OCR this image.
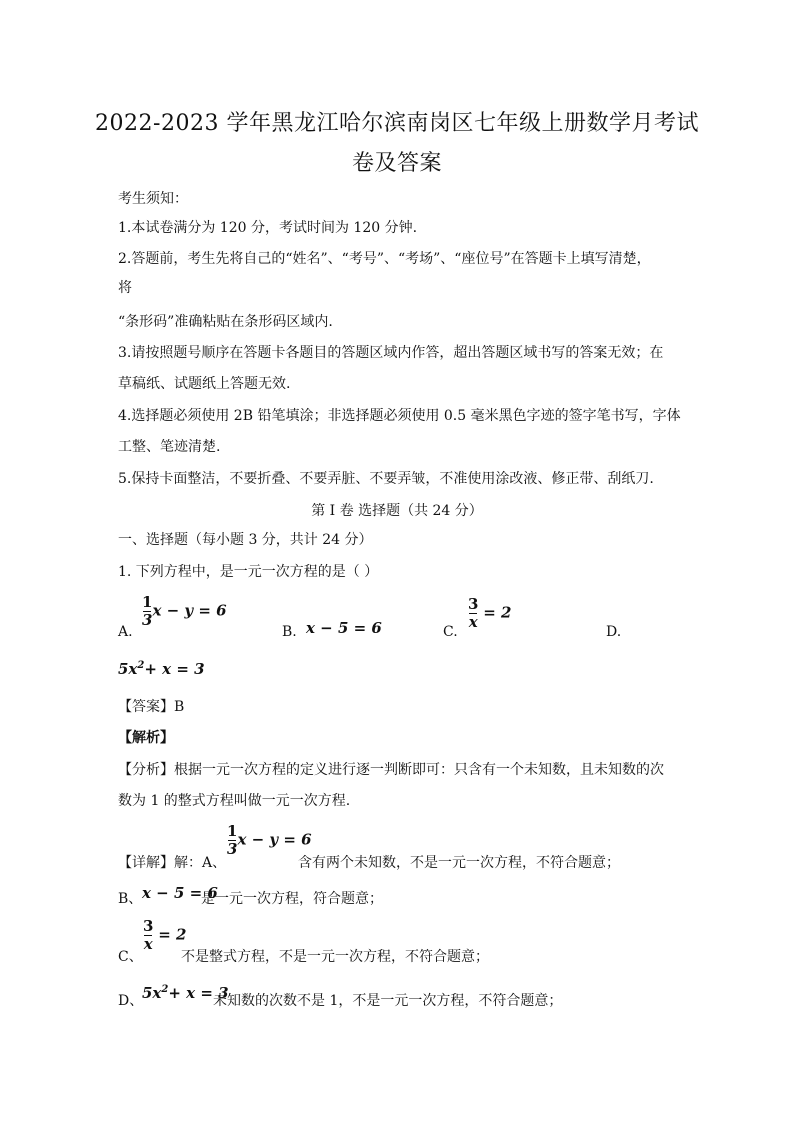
2022-2023 学年黑龙江哈尔滨南岗区七年级上册数学月考试
卷及答案
考生须知：
1.本试卷满分为 120 分，考试时间为 120 分钟.
2.答题前，考生先将自己的“姓名”、“考号”、“考场”、“座位号”在答题卡上填写清楚，
将
“条形码”准确粘贴在条形码区域内.
3.请按照题号顺序在答题卡各题目的答题区域内作答，超出答题区域书写的答案无效；在
草稿纸、试题纸上答题无效.
4.选择题必须使用 2B 铅笔填涂；非选择题必须使用 0.5 毫米黑色字迹的签字笔书写，字体
工整、笔迹清楚.
5.保持卡面整洁，不要折叠、不要弄脏、不要弄皱，不准使用涂改液、修正带、刮纸刀.
第 I 卷 选择题（共 24 分）
一、选择题（每小题 3 分，共计 24 分）
1. 下列方程中，是一元一次方程的是（ ）
A.
$\frac{1}{3}$ x − y = 6
B. x − 5 = 6	C.
$\frac{3}{x} = 2$
D.
$5x^2+ x = 3$
【答案】B
【解析】
【分析】根据一元一次方程的定义进行逐一判断即可：只含有一个未知数，且未知数的次
数为 1 的整式方程叫做一元一次方程.
【详解】解：A、
$\frac{1}{3}$ x − y = 6
含有两个未知数，不是一元一次方程，不符合题意；
B、 x − 5 = 6
是一元一次方程，符合题意；
C、
$\frac{3}{x} = 2$
不是整式方程，不是一元一次方程，不符合题意；
D、
$5x^2+ x = 3$
未知数的次数不是 1，不是一元一次方程，不符合题意；
